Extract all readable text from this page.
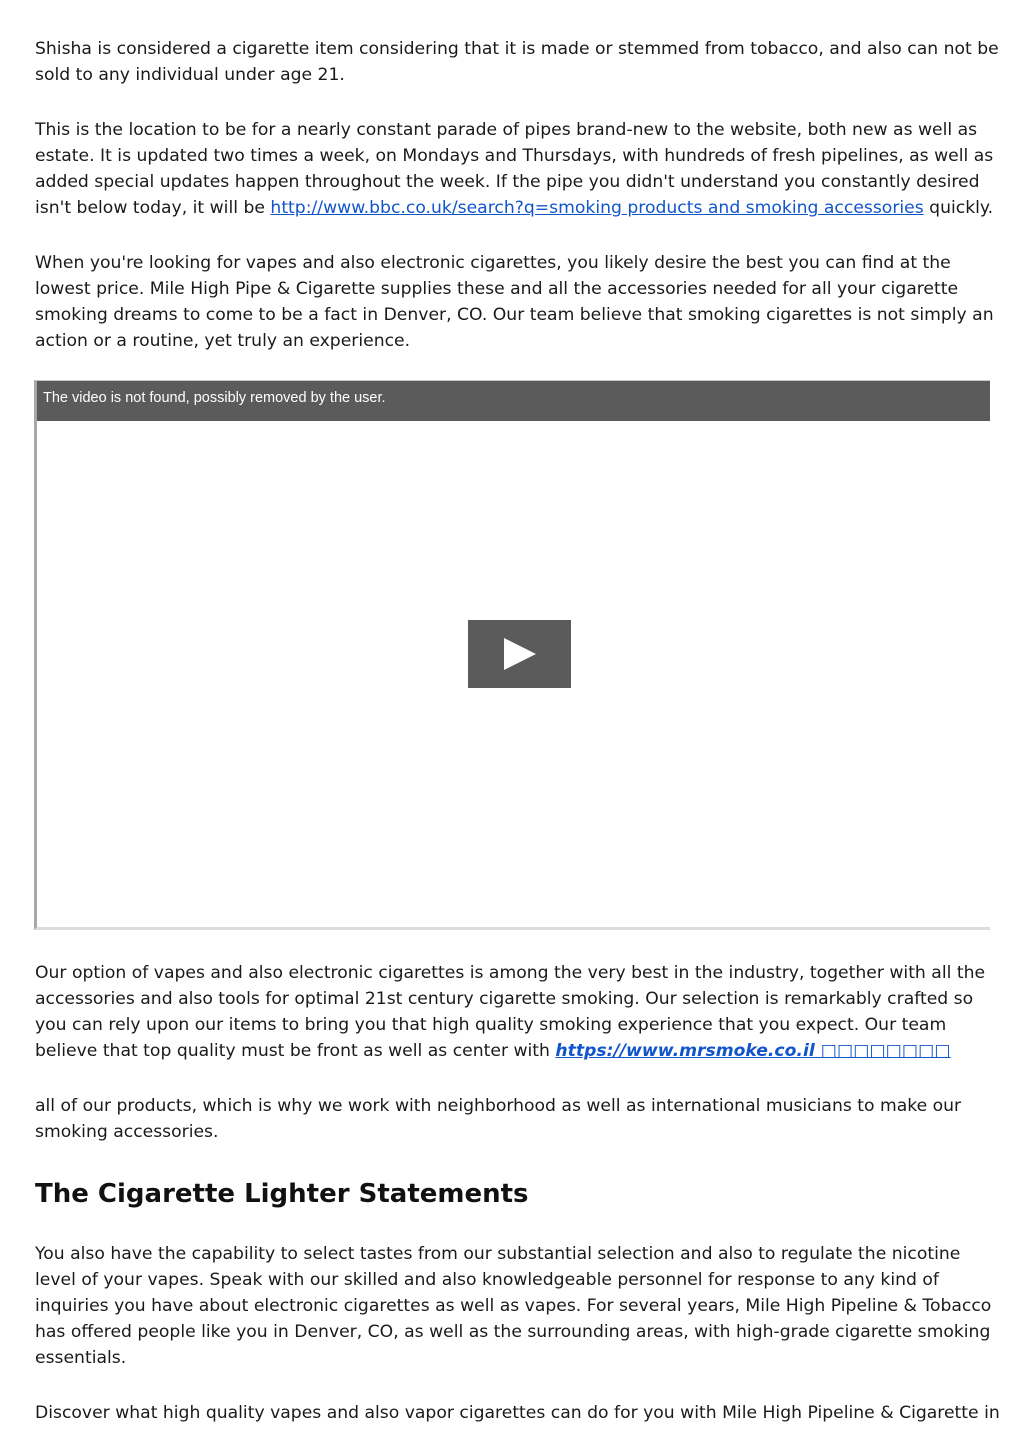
Shisha is considered a cigarette item considering that it is made or stemmed from tobacco, and also can not be sold to any individual under age 21.

This is the location to be for a nearly constant parade of pipes brand-new to the website, both new as well as estate. It is updated two times a week, on Mondays and Thursdays, with hundreds of fresh pipelines, as well as added special updates happen throughout the week. If the pipe you didn't understand you constantly desired isn't below today, it will be http://www.bbc.co.uk/search?q=smoking products and smoking accessories quickly.

When you're looking for vapes and also electronic cigarettes, you likely desire the best you can find at the lowest price. Mile High Pipe & Cigarette supplies these and all the accessories needed for all your cigarette smoking dreams to come to be a fact in Denver, CO. Our team believe that smoking cigarettes is not simply an action or a routine, yet truly an experience.

The video is not found, possibly removed by the user.

Our option of vapes and also electronic cigarettes is among the very best in the industry, together with all the accessories and also tools for optimal 21st century cigarette smoking. Our selection is remarkably crafted so you can rely upon our items to bring you that high quality smoking experience that you expect. Our team believe that top quality must be front as well as center with https://www.mrsmoke.co.il □□□□□□□□

all of our products, which is why we work with neighborhood as well as international musicians to make our smoking accessories.

The Cigarette Lighter Statements

You also have the capability to select tastes from our substantial selection and also to regulate the nicotine level of your vapes. Speak with our skilled and also knowledgeable personnel for response to any kind of inquiries you have about electronic cigarettes as well as vapes. For several years, Mile High Pipeline & Tobacco has offered people like you in Denver, CO, as well as the surrounding areas, with high-grade cigarette smoking essentials.

Discover what high quality vapes and also vapor cigarettes can do for you with Mile High Pipeline & Cigarette in
